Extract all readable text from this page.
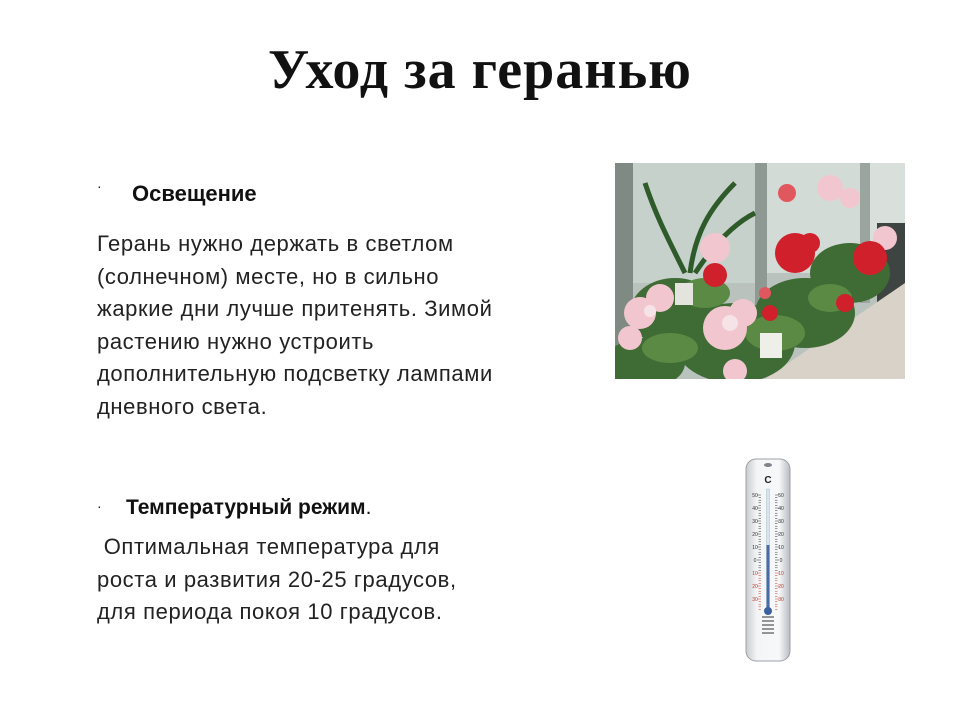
Уход за геранью
· Освещение
Герань нужно держать в светлом
(солнечном) месте, но в сильно
жаркие дни лучше притенять. Зимой
растению нужно устроить
дополнительную подсветку лампами
дневного света.
· Температурный режим.
Оптимальная температура для
роста и развития 20-25 градусов,
для периода покоя 10 градусов.
C
50	50
40	40
30	30
20	20
10	10
0	0
10	10
20	20
30	30
